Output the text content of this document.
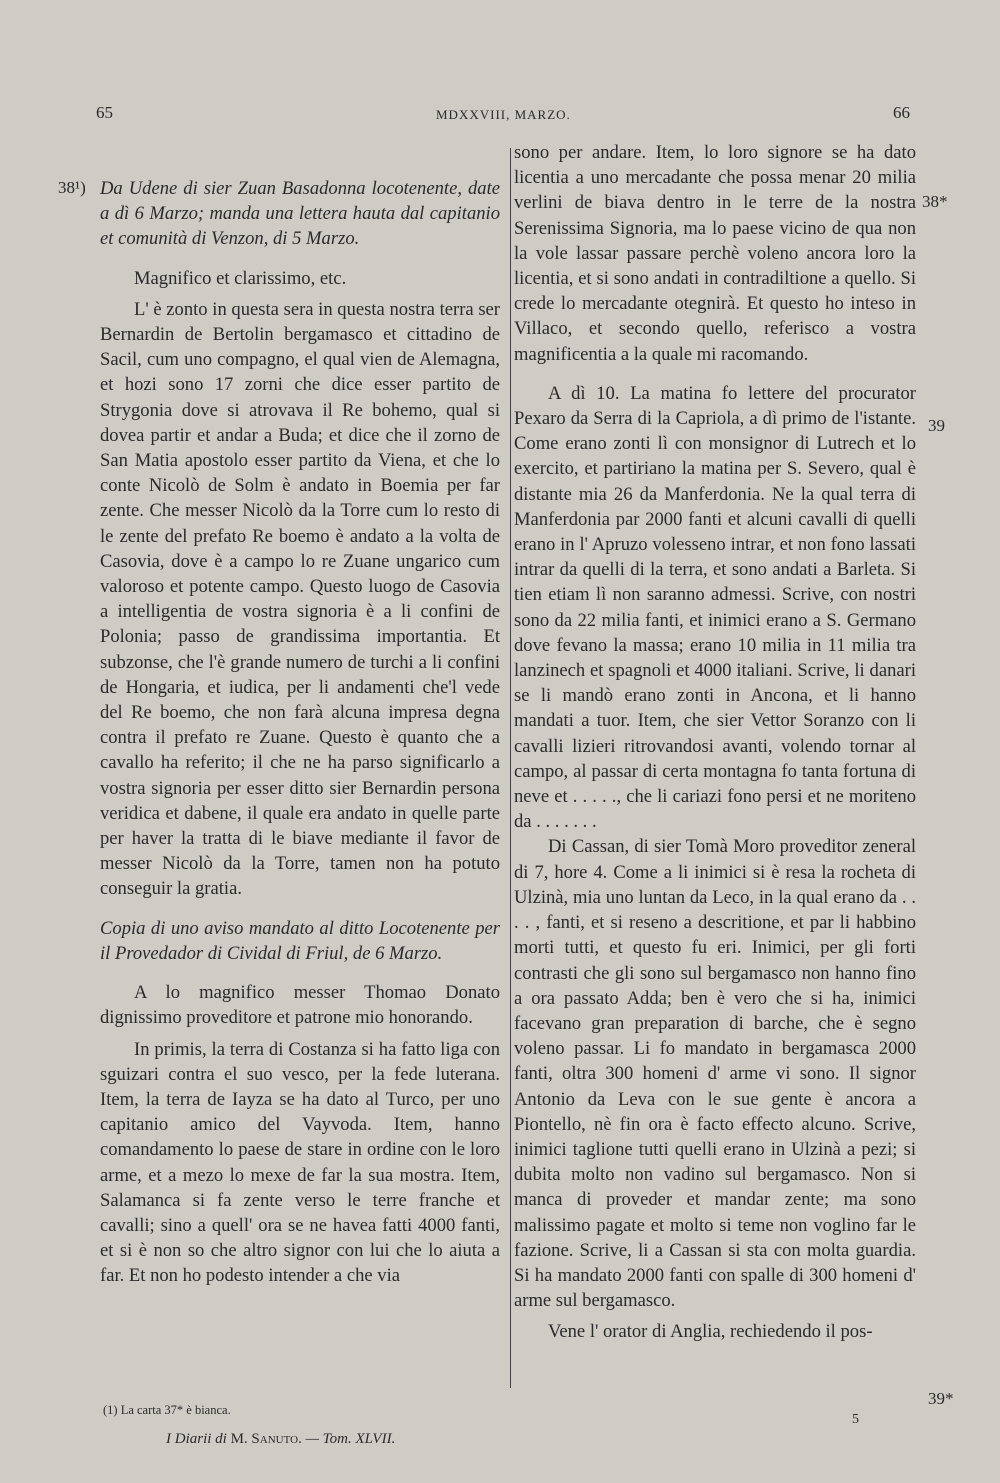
65	MDXXVIII, MARZO.	66
38¹)
38*
39
39*

Da Udene di sier Zuan Basadonna locotenente, date a dì 6 Marzo; manda una lettera hauta dal capitanio et comunità di Venzon, di 5 Marzo.

Magnifico et clarissimo, etc.

L' è zonto in questa sera in questa nostra terra ser Bernardin de Bertolin bergamasco et cittadino de Sacil, cum uno compagno, el qual vien de Alemagna, et hozi sono 17 zorni che dice esser partito de Strygonia dove si atrovava il Re bohemo, qual si dovea partir et andar a Buda; et dice che il zorno de San Matia apostolo esser partito da Viena, et che lo conte Nicolò de Solm è andato in Boemia per far zente. Che messer Nicolò da la Torre cum lo resto di le zente del prefato Re boemo è andato a la volta de Casovia, dove è a campo lo re Zuane ungarico cum valoroso et potente campo. Questo luogo de Casovia a intelligentia de vostra signoria è a li confini de Polonia; passo de grandissima importantia. Et subzonse, che l'è grande numero de turchi a li confini de Hongaria, et iudica, per li andamenti che'l vede del Re boemo, che non farà alcuna impresa degna contra il prefato re Zuane. Questo è quanto che a cavallo ha referito; il che ne ha parso significarlo a vostra signoria per esser ditto sier Bernardin persona veridica et dabene, il quale era andato in quelle parte per haver la tratta di le biave mediante il favor de messer Nicolò da la Torre, tamen non ha potuto conseguir la gratia.

Copia di uno aviso mandato al ditto Locotenente per il Provedador di Cividal di Friul, de 6 Marzo.

A lo magnifico messer Thomao Donato dignissimo proveditore et patrone mio honorando.

In primis, la terra di Costanza si ha fatto liga con sguizari contra el suo vesco, per la fede luterana. Item, la terra de Iayza se ha dato al Turco, per uno capitanio amico del Vayvoda. Item, hanno comandamento lo paese de stare in ordine con le loro arme, et a mezo lo mexe de far la sua mostra. Item, Salamanca si fa zente verso le terre franche et cavalli; sino a quell' ora se ne havea fatti 4000 fanti, et si è non so che altro signor con lui che lo aiuta a far. Et non ho podesto intender a che via

sono per andare. Item, lo loro signore se ha dato licentia a uno mercadante che possa menar 20 milia verlini de biava dentro in le terre de la nostra Serenissima Signoria, ma lo paese vicino de qua non la vole lassar passare perchè voleno ancora loro la licentia, et si sono andati in contradiltione a quello. Si crede lo mercadante otegnirà. Et questo ho inteso in Villaco, et secondo quello, referisco a vostra magnificentia a la quale mi racomando.

A dì 10. La matina fo lettere del procurator Pexaro da Serra di la Capriola, a dì primo de l'istante. Come erano zonti lì con monsignor di Lutrech et lo exercito, et partiriano la matina per S. Severo, qual è distante mia 26 da Manferdonia. Ne la qual terra di Manferdonia par 2000 fanti et alcuni cavalli di quelli erano in l' Apruzo volesseno intrar, et non fono lassati intrar da quelli di la terra, et sono andati a Barleta. Si tien etiam lì non saranno admessi. Scrive, con nostri sono da 22 milia fanti, et inimici erano a S. Germano dove fevano la massa; erano 10 milia in 11 milia tra lanzinech et spagnoli et 4000 italiani. Scrive, li danari se li mandò erano zonti in Ancona, et li hanno mandati a tuor. Item, che sier Vettor Soranzo con li cavalli lizieri ritrovandosi avanti, volendo tornar al campo, al passar di certa montagna fo tanta fortuna di neve et . . . . ., che li cariazi fono persi et ne moriteno da . . . . . . .

Di Cassan, di sier Tomà Moro proveditor zeneral di 7, hore 4. Come a li inimici si è resa la rocheta di Ulzinà, mia uno luntan da Leco, in la qual erano da . . . . , fanti, et si reseno a descritione, et par li habbino morti tutti, et questo fu eri. Inimici, per gli forti contrasti che gli sono sul bergamasco non hanno fino a ora passato Adda; ben è vero che si ha, inimici facevano gran preparation di barche, che è segno voleno passar. Li fo mandato in bergamasca 2000 fanti, oltra 300 homeni d' arme vi sono. Il signor Antonio da Leva con le sue gente è ancora a Piontello, nè fin ora è facto effecto alcuno. Scrive, inimici taglione tutti quelli erano in Ulzinà a pezi; si dubita molto non vadino sul bergamasco. Non si manca di proveder et mandar zente; ma sono malissimo pagate et molto si teme non voglino far le fazione. Scrive, li a Cassan si sta con molta guardia. Si ha mandato 2000 fanti con spalle di 300 homeni d' arme sul bergamasco.

Vene l' orator di Anglia, rechiedendo il pos-

(1) La carta 37* è bianca.
I Diarii di M. Sanuto. — Tom. XLVII.
5
